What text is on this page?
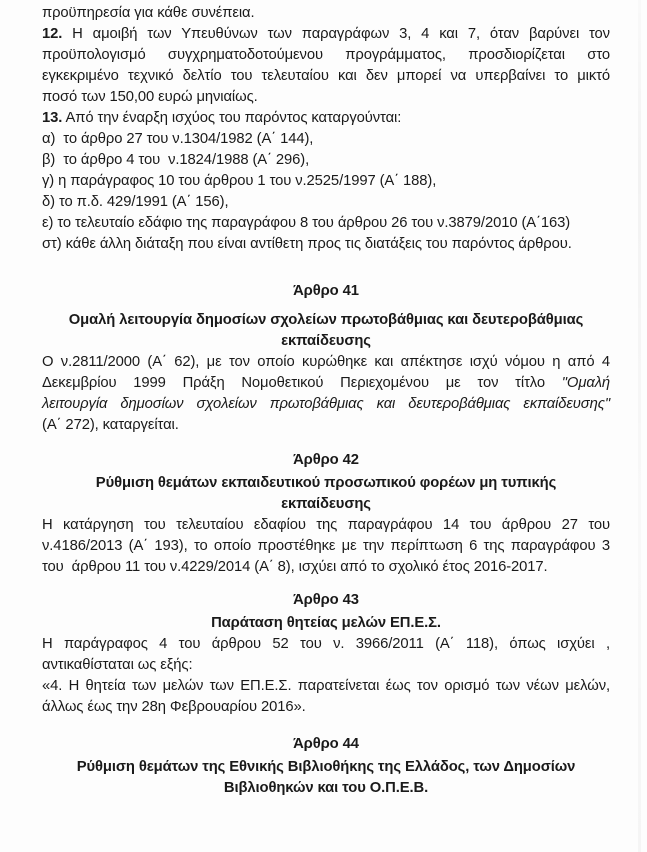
προϋπηρεσία για κάθε συνέπεια.
12. Η αμοιβή των Υπευθύνων των παραγράφων 3, 4 και 7, όταν βαρύνει τον
προϋπολογισμό συγχρηματοδοτούμενου προγράμματος, προσδιορίζεται στο
εγκεκριμένο τεχνικό δελτίο του τελευταίου και δεν μπορεί να υπερβαίνει το μικτό
ποσό των 150,00 ευρώ μηνιαίως.
13. Από την έναρξη ισχύος του παρόντος καταργούνται:
α)  το άρθρο 27 του ν.1304/1982 (Α΄ 144),
β)  το άρθρο 4 του  ν.1824/1988 (Α΄ 296),
γ) η παράγραφος 10 του άρθρου 1 του ν.2525/1997 (Α΄ 188),
δ) το π.δ. 429/1991 (Α΄ 156),
ε) το τελευταίο εδάφιο της παραγράφου 8 του άρθρου 26 του ν.3879/2010 (Α΄163)
στ) κάθε άλλη διάταξη που είναι αντίθετη προς τις διατάξεις του παρόντος άρθρου.
Άρθρο 41
Ομαλή λειτουργία δημοσίων σχολείων πρωτοβάθμιας και δευτεροβάθμιας
εκπαίδευσης
Ο ν.2811/2000 (Α΄ 62), με τον οποίο κυρώθηκε και απέκτησε ισχύ νόμου η από 4
Δεκεμβρίου 1999 Πράξη Νομοθετικού Περιεχομένου με τον τίτλο "Ομαλή
λειτουργία δημοσίων σχολείων πρωτοβάθμιας και δευτεροβάθμιας εκπαίδευσης"
(Α΄ 272), καταργείται.
Άρθρο 42
Ρύθμιση θεμάτων εκπαιδευτικού προσωπικού φορέων μη τυπικής
εκπαίδευσης
Η κατάργηση του τελευταίου εδαφίου της παραγράφου 14 του άρθρου 27 του
ν.4186/2013 (Α΄ 193), το οποίο προστέθηκε με την περίπτωση 6 της παραγράφου 3
του  άρθρου 11 του ν.4229/2014 (Α΄ 8), ισχύει από το σχολικό έτος 2016-2017.
Άρθρο 43
Παράταση θητείας μελών ΕΠ.Ε.Σ.
Η παράγραφος 4 του άρθρου 52 του ν. 3966/2011 (Α΄ 118), όπως ισχύει ,
αντικαθίσταται ως εξής:
«4. Η θητεία των μελών των ΕΠ.Ε.Σ. παρατείνεται έως τον ορισμό των νέων μελών,
άλλως έως την 28η Φεβρουαρίου 2016».
Άρθρο 44
Ρύθμιση θεμάτων της Εθνικής Βιβλιοθήκης της Ελλάδος, των Δημοσίων
Βιβλιοθηκών και του Ο.Π.Ε.Β.
